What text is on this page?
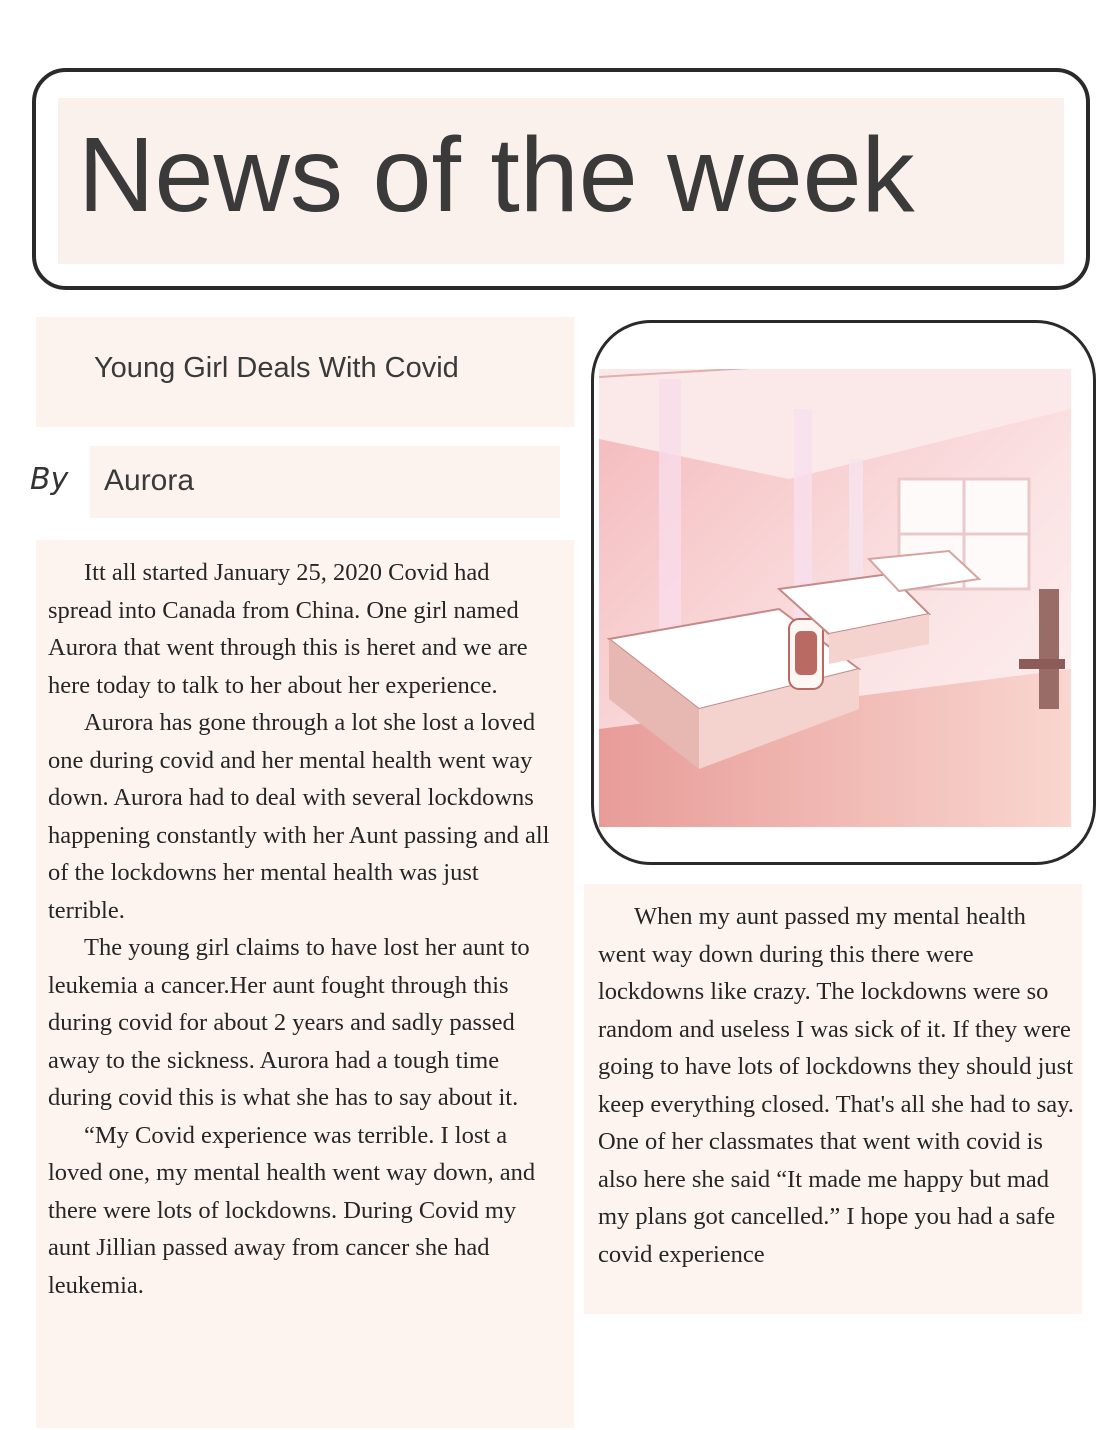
News of the week
Young Girl Deals With Covid
By Aurora

Itt all started January 25, 2020 Covid had spread into Canada from China. One girl named Aurora that went through this is heret and we are here today to talk to her about her experience.

Aurora has gone through a lot she lost a loved one during covid and her mental health went way down. Aurora had to deal with several lockdowns happening constantly with her Aunt passing and all of the lockdowns her mental health was just terrible.

The young girl claims to have lost her aunt to leukemia a cancer.Her aunt fought through this during covid for about 2 years and sadly passed away to the sickness. Aurora had a tough time during covid this is what she has to say about it.

“My Covid experience was terrible. I lost a loved one, my mental health went way down, and there were lots of lockdowns. During Covid my aunt Jillian passed away from cancer she had leukemia.

When my aunt passed my mental health went way down during this there were lockdowns like crazy. The lockdowns were so random and useless I was sick of it. If they were going to have lots of lockdowns they should just keep everything closed. That's all she had to say. One of her classmates that went with covid is also here she said “It made me happy but mad my plans got cancelled.” I hope you had a safe covid experience
